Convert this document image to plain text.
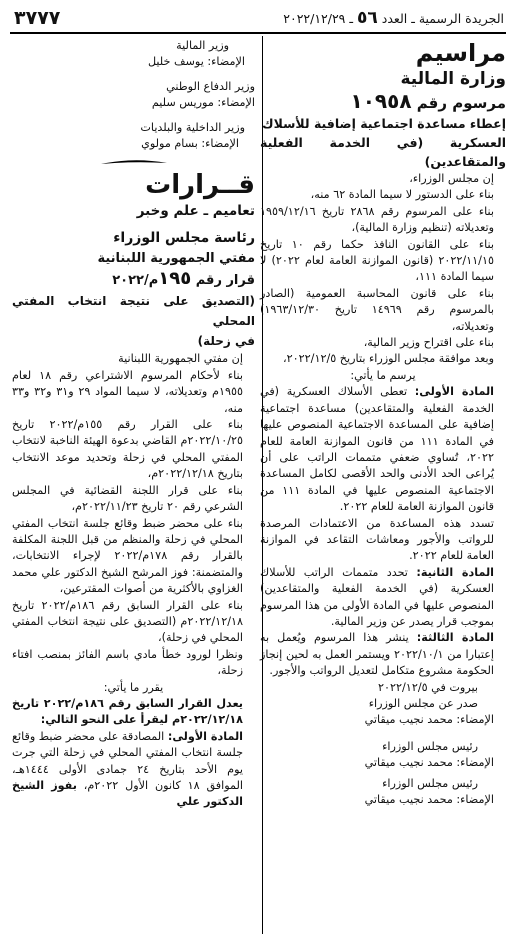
٣٧٧٧	الجريدة الرسمية ـ العدد ٥٦ ـ ٢٠٢٢/١٢/٢٩

مراسيم

وزارة المالية

مرسوم رقم ١٠٩٥٨

إعطاء مساعدة اجتماعية إضافية للأسلاك

العسكرية (في الخدمة الفعلية والمتقاعدين)

إن مجلس الوزراء،

بناء على الدستور لا سيما المادة ٦٢ منه،

بناء على المرسوم رقم ٢٨٦٨ تاريخ ١٩٥٩/١٢/١٦ وتعديلاته (تنظيم وزارة المالية)،

بناء على القانون النافذ حكما رقم ١٠ تاريخ ٢٠٢٢/١١/١٥ (قانون الموازنة العامة لعام ٢٠٢٢) لا سيما المادة ١١١،

بناء على قانون المحاسبة العمومية (الصادر بالمرسوم رقم ١٤٩٦٩ تاريخ ١٩٦٣/١٢/٣٠) وتعديلاته،

بناء على اقتراح وزير المالية،

وبعد موافقة مجلس الوزراء بتاريخ ٢٠٢٢/١٢/٥،

يرسم ما يأتي:

المادة الأولى: تعطى الأسلاك العسكرية (في الخدمة الفعلية والمتقاعدين) مساعدة اجتماعية إضافية على المساعدة الاجتماعية المنصوص عليها في المادة ١١١ من قانون الموازنة العامة للعام ٢٠٢٢، تُساوي ضعفي متممات الراتب على أن يُراعى الحد الأدنى والحد الأقصى لكامل المساعدة الاجتماعية المنصوص عليها في المادة ١١١ من قانون الموازنة العامة للعام ٢٠٢٢.

تسدد هذه المساعدة من الاعتمادات المرصدة للرواتب والأجور ومعاشات التقاعد في الموازنة العامة للعام ٢٠٢٢.

المادة الثانية: تحدد متممات الراتب للأسلاك العسكرية (في الخدمة الفعلية والمتقاعدين) المنصوص عليها في المادة الأولى من هذا المرسوم بموجب قرار يصدر عن وزير المالية.

المادة الثالثة: ينشر هذا المرسوم ويُعمل به إعتبارا من ٢٠٢٢/١٠/١ ويستمر العمل به لحين إنجاز الحكومة مشروع متكامل لتعديل الرواتب والأجور.

بيروت في ٢٠٢٢/١٢/٥

صدر عن مجلس الوزراء

الإمضاء: محمد نجيب ميقاتي

رئيس مجلس الوزراء

الإمضاء: محمد نجيب ميقاتي

رئيس مجلس الوزراء

الإمضاء: محمد نجيب ميقاتي

وزير المالية

الإمضاء: يوسف خليل

وزير الدفاع الوطني

الإمضاء: موريس سليم

وزير الداخلية والبلديات

الإمضاء: بسام مولوي

قــرارات

تعاميم ـ علم وخبر

رئاسة مجلس الوزراء

مفتي الجمهورية اللبنانية

قرار رقم ١٩٥م/٢٠٢٢

(التصديق على نتيجة انتخاب المفتي المحلي

في زحلة)

إن مفتي الجمهورية اللبنانية

بناء لأحكام المرسوم الاشتراعي رقم ١٨ لعام ١٩٥٥م وتعديلاته، لا سيما المواد ٢٩ و٣١ و٣٢ و٣٣ منه،

بناء على القرار رقم ١٥٥م/٢٠٢٢ تاريخ ٢٠٢٢/١٠/٢٥م القاضي بدعوة الهيئة الناخبة لانتخاب المفتي المحلي في زحلة وتحديد موعد الانتخاب بتاريخ ٢٠٢٢/١٢/١٨م،

بناء على قرار اللجنة القضائية في المجلس الشرعي رقم ٢٠ تاريخ ٢٠٢٢/١١/٢٣م،

بناء على محضر ضبط وقائع جلسة انتخاب المفتي المحلي في زحلة والمنظم من قبل اللجنة المكلفة بالقرار رقم ١٧٨م/٢٠٢٢ لإجراء الانتخابات، والمتضمنة: فوز المرشح الشيخ الدكتور علي محمد الغزاوي بالأكثرية من أصوات المقترعين،

بناء على القرار السابق رقم ١٨٦م/٢٠٢٢ تاريخ ٢٠٢٢/١٢/١٨م (التصديق على نتيجة انتخاب المفتي المحلي في زحلة)،

ونظرا لورود خطأ مادي باسم الفائز بمنصب افتاء زحلة،

يقرر ما يأتي:

يعدل القرار السابق رقم ١٨٦م/٢٠٢٢ تاريخ ٢٠٢٢/١٢/١٨م ليقرأ على النحو التالي:

المادة الأولى: المصادقة على محضر ضبط وقائع جلسة انتخاب المفتي المحلي في زحلة التي جرت يوم الأحد بتاريخ ٢٤ جمادى الأولى ١٤٤٤هـ، الموافق ١٨ كانون الأول ٢٠٢٢م، بفوز الشيخ الدكتور علي
